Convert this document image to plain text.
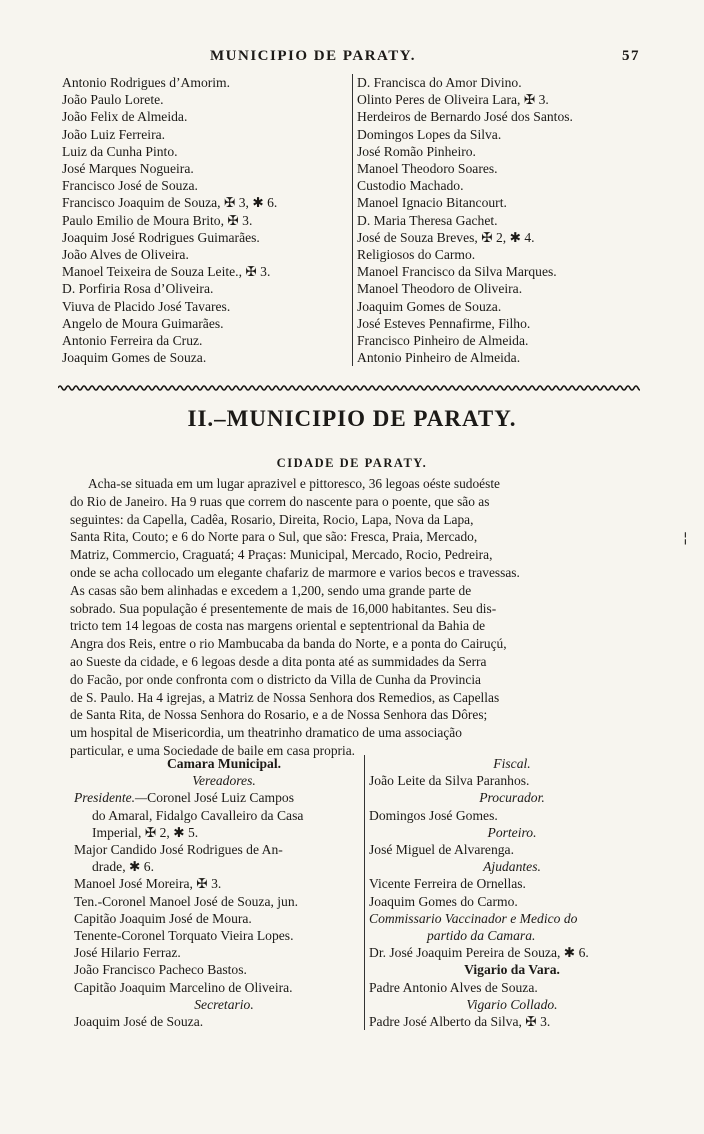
MUNICIPIO DE PARATY.	57
Antonio Rodrigues d’Amorim.
João Paulo Lorete.
João Felix de Almeida.
João Luiz Ferreira.
Luiz da Cunha Pinto.
José Marques Nogueira.
Francisco José de Souza.
Francisco Joaquim de Souza, ✠ 3, ✱ 6.
Paulo Emilio de Moura Brito, ✠ 3.
Joaquim José Rodrigues Guimarães.
João Alves de Oliveira.
Manoel Teixeira de Souza Leite., ✠ 3.
D. Porfiria Rosa d’Oliveira.
Viuva de Placido José Tavares.
Angelo de Moura Guimarães.
Antonio Ferreira da Cruz.
Joaquim Gomes de Souza.
D. Francisca do Amor Divino.
Olinto Peres de Oliveira Lara, ✠ 3.
Herdeiros de Bernardo José dos Santos.
Domingos Lopes da Silva.
José Romão Pinheiro.
Manoel Theodoro Soares.
Custodio Machado.
Manoel Ignacio Bitancourt.
D. Maria Theresa Gachet.
José de Souza Breves, ✠ 2, ✱ 4.
Religiosos do Carmo.
Manoel Francisco da Silva Marques.
Manoel Theodoro de Oliveira.
Joaquim Gomes de Souza.
José Esteves Pennafirme, Filho.
Francisco Pinheiro de Almeida.
Antonio Pinheiro de Almeida.
II.–MUNICIPIO DE PARATY.
CIDADE DE PARATY.
Acha-se situada em um lugar aprazivel e pittoresco, 36 legoas oéste sudoéste
do Rio de Janeiro. Ha 9 ruas que correm do nascente para o poente, que são as
seguintes: da Capella, Cadêa, Rosario, Direita, Rocio, Lapa, Nova da Lapa,
Santa Rita, Couto; e 6 do Norte para o Sul, que são: Fresca, Praia, Mercado,
Matriz, Commercio, Craguatá; 4 Praças: Municipal, Mercado, Rocio, Pedreira,
onde se acha collocado um elegante chafariz de marmore e varios becos e travessas.
As casas são bem alinhadas e excedem a 1,200, sendo uma grande parte de
sobrado. Sua população é presentemente de mais de 16,000 habitantes. Seu dis-
tricto tem 14 legoas de costa nas margens oriental e septentrional da Bahia de
Angra dos Reis, entre o rio Mambucaba da banda do Norte, e a ponta do Cairuçú,
ao Sueste da cidade, e 6 legoas desde a dita ponta até as summidades da Serra
do Facão, por onde confronta com o districto da Villa de Cunha da Provincia
de S. Paulo. Ha 4 igrejas, a Matriz de Nossa Senhora dos Remedios, as Capellas
de Santa Rita, de Nossa Senhora do Rosario, e a de Nossa Senhora das Dôres;
um hospital de Misericordia, um theatrinho dramatico de uma associação
particular, e uma Sociedade de baile em casa propria.
Camara Municipal.
Vereadores.
Presidente.—Coronel José Luiz Campos
do Amaral, Fidalgo Cavalleiro da Casa
Imperial, ✠ 2, ✱ 5.
Major Candido José Rodrigues de An-
drade, ✱ 6.
Manoel José Moreira, ✠ 3.
Ten.-Coronel Manoel José de Souza, jun.
Capitão Joaquim José de Moura.
Tenente-Coronel Torquato Vieira Lopes.
José Hilario Ferraz.
João Francisco Pacheco Bastos.
Capitão Joaquim Marcelino de Oliveira.
Secretario.
Joaquim José de Souza.
Fiscal.
João Leite da Silva Paranhos.
Procurador.
Domingos José Gomes.
Porteiro.
José Miguel de Alvarenga.
Ajudantes.
Vicente Ferreira de Ornellas.
Joaquim Gomes do Carmo.
Commissario Vaccinador e Medico do
partido da Camara.
Dr. José Joaquim Pereira de Souza, ✱ 6.
Vigario da Vara.
Padre Antonio Alves de Souza.
Vigario Collado.
Padre José Alberto da Silva, ✠ 3.
¦
